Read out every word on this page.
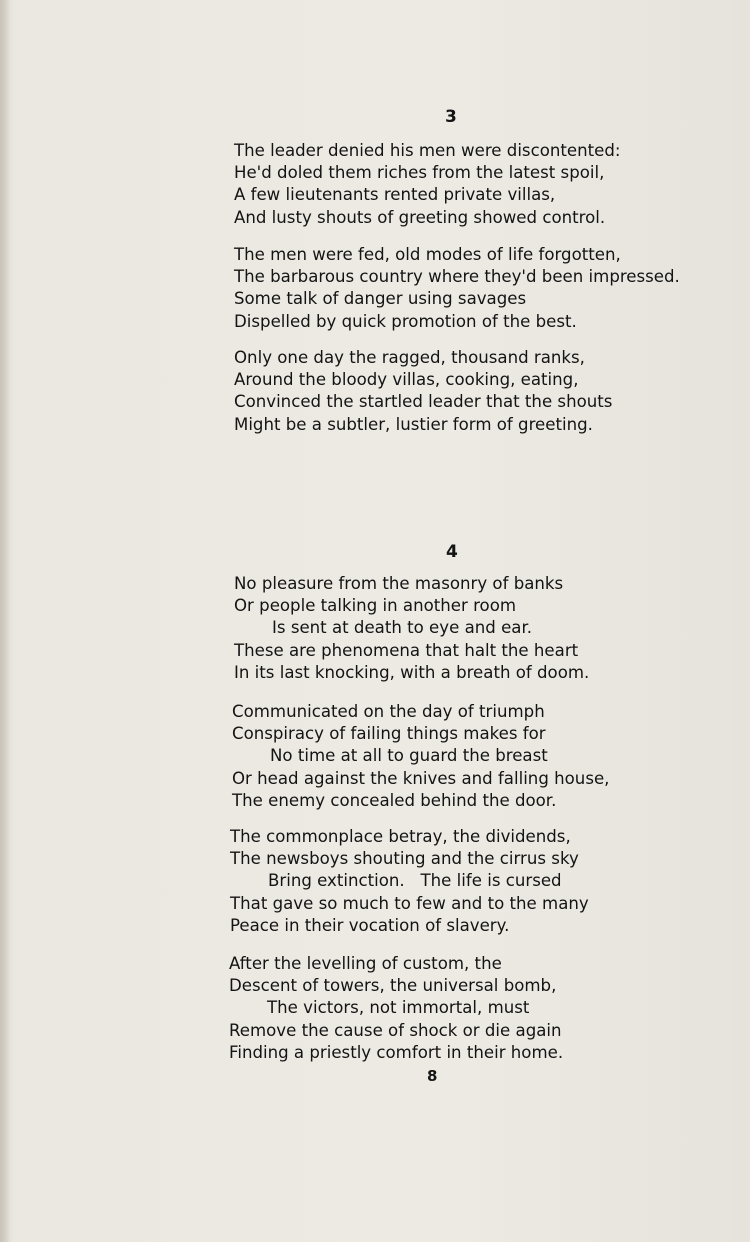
3

The leader denied his men were discontented:
He'd doled them riches from the latest spoil,
A few lieutenants rented private villas,
And lusty shouts of greeting showed control.

The men were fed, old modes of life forgotten,
The barbarous country where they'd been impressed.
Some talk of danger using savages
Dispelled by quick promotion of the best.

Only one day the ragged, thousand ranks,
Around the bloody villas, cooking, eating,
Convinced the startled leader that the shouts
Might be a subtler, lustier form of greeting.

4

No pleasure from the masonry of banks
Or people talking in another room
Is sent at death to eye and ear.
These are phenomena that halt the heart
In its last knocking, with a breath of doom.

Communicated on the day of triumph
Conspiracy of failing things makes for
No time at all to guard the breast
Or head against the knives and falling house,
The enemy concealed behind the door.

The commonplace betray, the dividends,
The newsboys shouting and the cirrus sky
Bring extinction.   The life is cursed
That gave so much to few and to the many
Peace in their vocation of slavery.

After the levelling of custom, the
Descent of towers, the universal bomb,
The victors, not immortal, must
Remove the cause of shock or die again
Finding a priestly comfort in their home.

8
